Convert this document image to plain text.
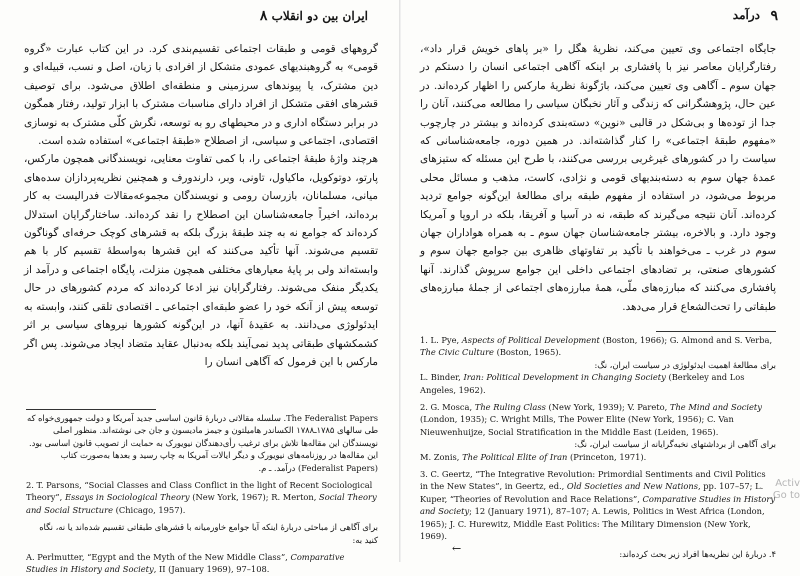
۸ ایران بین دو انقلاب

گروههای قومی و طبقات اجتماعی تقسیم‌بندی کرد. در این کتاب عبارت «گروه قومی» به گروهبندیهای عمودی متشکل از افرادی با زبان، اصل و نسب، قبیله‌ای و دین مشترک، یا پیوندهای سرزمینی و منطقه‌ای اطلاق می‌شود. برای توصیف قشرهای افقی متشکل از افراد دارای مناسبات مشترک با ابزار تولید، رفتار همگون در برابر دستگاه اداری و در محیطهای رو به توسعه، نگرش کلّی مشترک به نوسازی اقتصادی، اجتماعی و سیاسی، از اصطلاح «طبقهٔ اجتماعی» استفاده شده است.

هرچند واژهٔ طبقهٔ اجتماعی را، با کمی تفاوت معنایی، نویسندگانی همچون مارکس، پارتو، دوتوکویل، ماکیاول، تاونی، وبر، دارندورف و همچنین نظریه‌پردازان سده‌های میانی، مسلمانان، بازرسان رومی و نویسندگان مجموعه‌مقالات فدرالیست به کار برده‌اند، اخیراً جامعه‌شناسان این اصطلاح را نقد کرده‌اند. ساختارگرایان استدلال کرده‌اند که جوامع نه به چند طبقهٔ بزرگ بلکه به قشرهای کوچک حرفه‌ای گوناگون تقسیم می‌شوند. آنها تأکید می‌کنند که این قشرها به‌واسطهٔ تقسیم کار با هم وابسته‌اند ولی بر پایهٔ معیارهای مختلفی همچون منزلت، پایگاه اجتماعی و درآمد از یکدیگر منفک می‌شوند. رفتارگرایان نیز ادعا کرده‌اند که مردم کشورهای در حال توسعه پیش از آنکه خود را عضو طبقه‌ای اجتماعی ـ اقتصادی تلقی کنند، وابسته به ایدئولوژی می‌دانند. به عقیدهٔ آنها، در این‌گونه کشورها نیروهای سیاسی بر اثر کشمکشهای طبقاتی پدید نمی‌آیند بلکه به‌دنبال عقاید متضاد ایجاد می‌شوند. پس اگر مارکس با این فرمول که آگاهی انسان را

The Federalist Papers. سلسله مقالاتی دربارهٔ قانون اساسی جدید آمریکا و دولت جمهوری‌خواه که طی سالهای ۱۷۸۵ـ۱۷۸۸ الکساندر هامیلتون و جیمز مادیسون و جان جی نوشته‌اند. منظور اصلی نویسندگان این مقاله‌ها تلاش برای ترغیب رأی‌دهندگان نیویورک به حمایت از تصویب قانون اساسی بود. این مقاله‌ها در روزنامه‌های نیویورک و دیگر ایالات آمریکا به چاپ رسید و بعدها به‌صورت کتاب (Federalist Papers) درآمد. ـ م.
2. T. Parsons, “Social Classes and Class Conflict in the light of Recent Sociological Theory”, Essays in Sociological Theory (New York, 1967); R. Merton, Social Theory and Social Structure (Chicago, 1957).
برای آگاهی از مباحثی دربارهٔ اینکه آیا جوامع خاورمیانه با قشرهای طبقاتی تقسیم شده‌اند یا نه، نگاه کنید به:
A. Perlmutter, “Egypt and the Myth of the New Middle Class”, Comparative Studies in History and Society, II (January 1969), 97–108.
۹
درآمد

جایگاه اجتماعی وی تعیین می‌کند، نظریهٔ هگل را «بر پاهای خویش قرار داد»، رفتارگرایان معاصر نیز با پافشاری بر اینکه آگاهی اجتماعی انسان را دستکم در جهان سوم ـ آگاهی وی تعیین می‌کند، باژگونهٔ نظریهٔ مارکس را اظهار کرده‌اند. در عین حال، پژوهشگرانی که زندگی و آثار نخبگان سیاسی را مطالعه می‌کنند، آنان را جدا از توده‌ها و بی‌شکل در قالبی «نوین» دسته‌بندی کرده‌اند و بیشتر در چارچوب «مفهوم طبقهٔ اجتماعی» را کنار گذاشته‌اند. در همین دوره، جامعه‌شناسانی که سیاست را در کشورهای غیرغربی بررسی می‌کنند، با طرح این مسئله که ستیزهای عمدهٔ جهان سوم به دسته‌بندیهای قومی و نژادی، کاست، مذهب و مسائل محلی مربوط می‌شود، در استفاده از مفهوم طبقه برای مطالعهٔ این‌گونه جوامع تردید کرده‌اند. آنان نتیجه می‌گیرند که طبقه، نه در آسیا و آفریقا، بلکه در اروپا و آمریکا وجود دارد. و بالاخره، بیشتر جامعه‌شناسان جهان سوم ـ به همراه هواداران جهان سوم در غرب ـ می‌خواهند با تأکید بر تفاوتهای ظاهری بین جوامع جهان سوم و کشورهای صنعتی، بر تضادهای اجتماعی داخلی این جوامع سرپوش گذارند. آنها پافشاری می‌کنند که مبارزه‌های ملّی، همهٔ مبارزه‌های اجتماعی از جملهٔ مبارزه‌های طبقاتی را تحت‌الشعاع قرار می‌دهد.

1. L. Pye, Aspects of Political Development (Boston, 1966); G. Almond and S. Verba, The Civic Culture (Boston, 1965).
برای مطالعهٔ اهمیت ایدئولوژی در سیاست ایران، نگ:
L. Binder, Iran: Political Development in Changing Society (Berkeley and Los Angeles, 1962).
2. G. Mosca, The Ruling Class (New York, 1939); V. Pareto, The Mind and Society (London, 1935); C. Wright Mills, The Power Elite (New York, 1956); C. Van Nieuwenhuijze, Social Stratification in the Middle East (Leiden, 1965).
برای آگاهی از برداشتهای نخبه‌گرایانه از سیاست ایران، نگ:
M. Zonis, The Political Elite of Iran (Princeton, 1971).
3. C. Geertz, “The Integrative Revolution: Primordial Sentiments and Civil Politics in the New States”, in Geertz, ed., Old Societies and New Nations, pp. 107–57; L. Kuper, “Theories of Revolution and Race Relations”, Comparative Studies in History and Society; 12 (January 1971), 87–107; A. Lewis, Politics in West Africa (London, 1965); J. C. Hurewitz, Middle East Politics: The Military Dimension (New York, 1969).
۴. دربارهٔ این نظریه‌ها افراد زیر بحث کرده‌اند:
←
Activ
Go to
